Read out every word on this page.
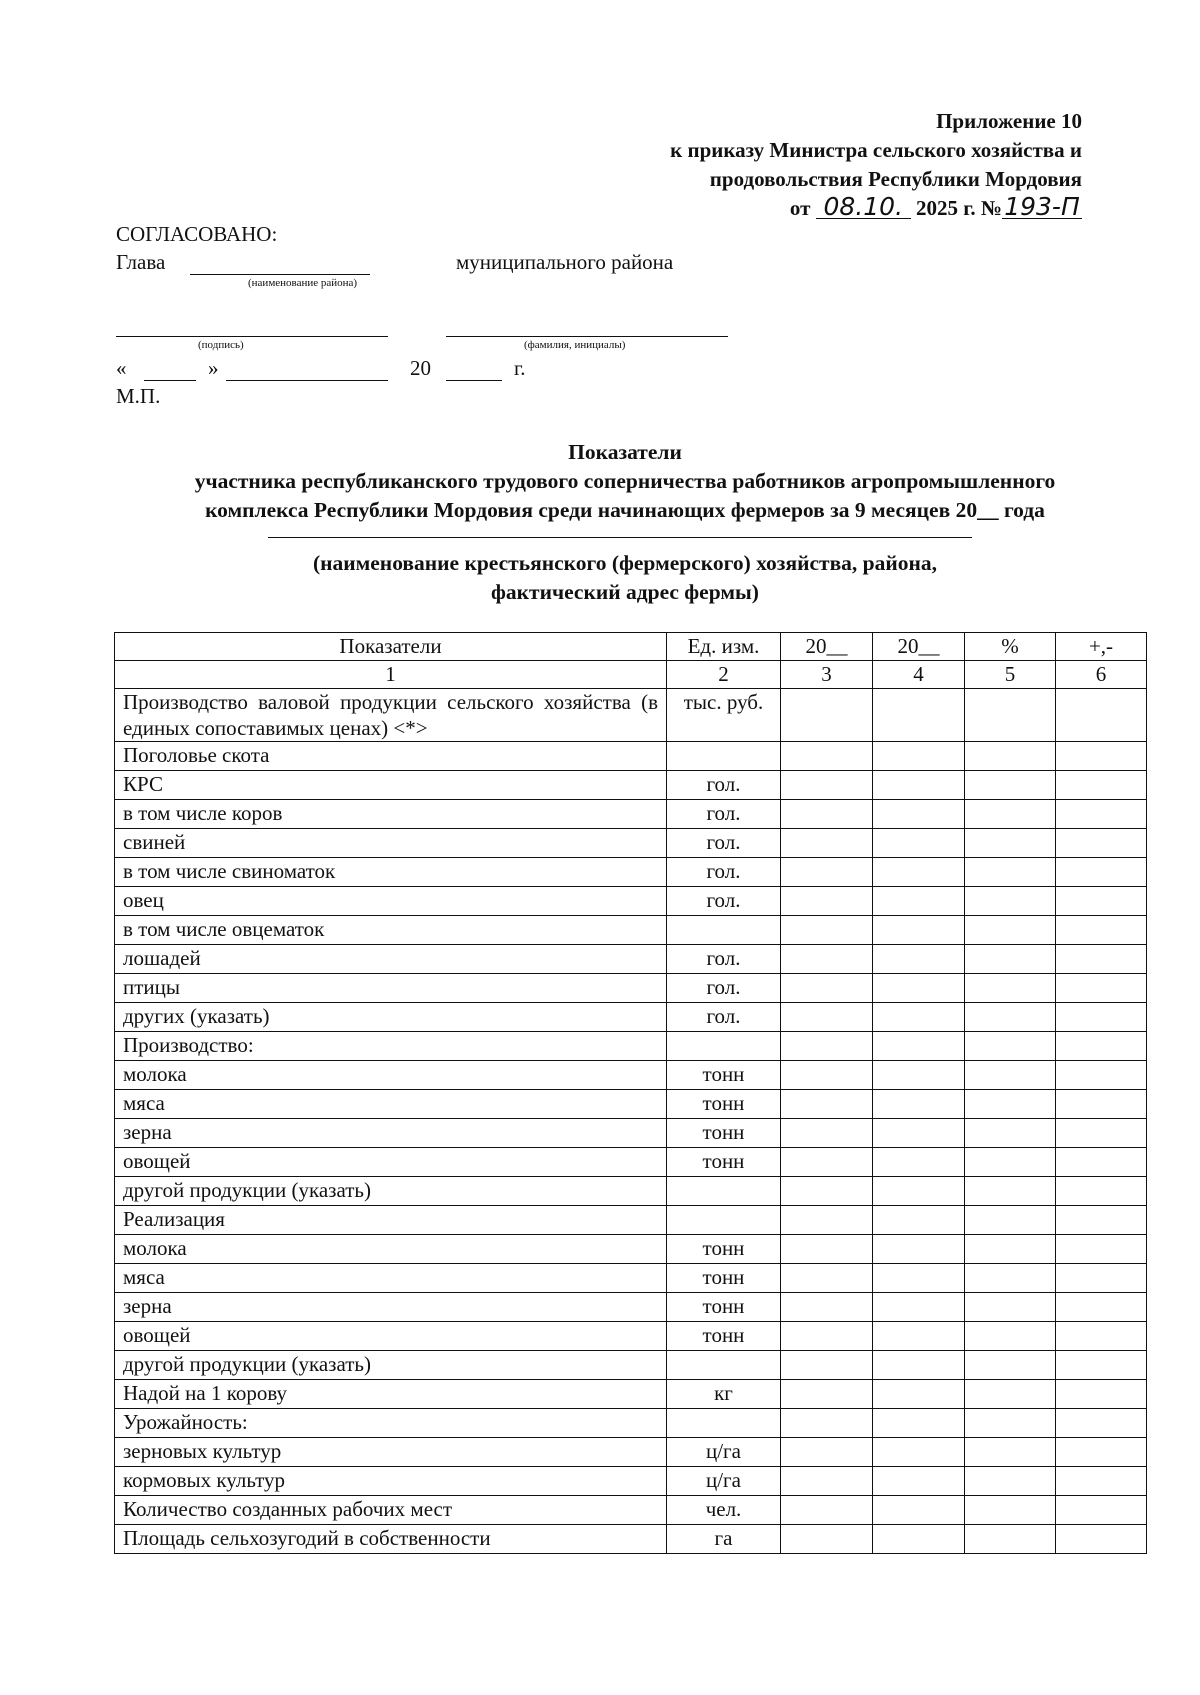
Приложение 10
к приказу Министра сельского хозяйства и
продовольствия Республики Мордовия
от 08.10. 2025 г. №193-П
СОГЛАСОВАНО:
Глава	муниципального района
(наименование района)
(подпись)	(фамилия, инициалы)
«	»	20	г.
М.П.
Показатели
участника республиканского трудового соперничества работников агропромышленного
комплекса Республики Мордовия среди начинающих фермеров за 9 месяцев 20__ года
(наименование крестьянского (фермерского) хозяйства, района,
фактический адрес фермы)
Показатели	Ед. изм.	20__	20__	%	+,-
1	2	3	4	5	6
Производство валовой продукции сельского хозяйства (в единых сопоставимых ценах) <*>	тыс. руб.				
Поголовье скота					
КРС	гол.				
в том числе коров	гол.				
свиней	гол.				
в том числе свиноматок	гол.				
овец	гол.				
в том числе овцематок					
лошадей	гол.				
птицы	гол.				
других (указать)	гол.				
Производство:					
молока	тонн				
мяса	тонн				
зерна	тонн				
овощей	тонн				
другой продукции (указать)					
Реализация					
молока	тонн				
мяса	тонн				
зерна	тонн				
овощей	тонн				
другой продукции (указать)					
Надой на 1 корову	кг				
Урожайность:					
зерновых культур	ц/га				
кормовых культур	ц/га				
Количество созданных рабочих мест	чел.				
Площадь сельхозугодий в собственности	га				
